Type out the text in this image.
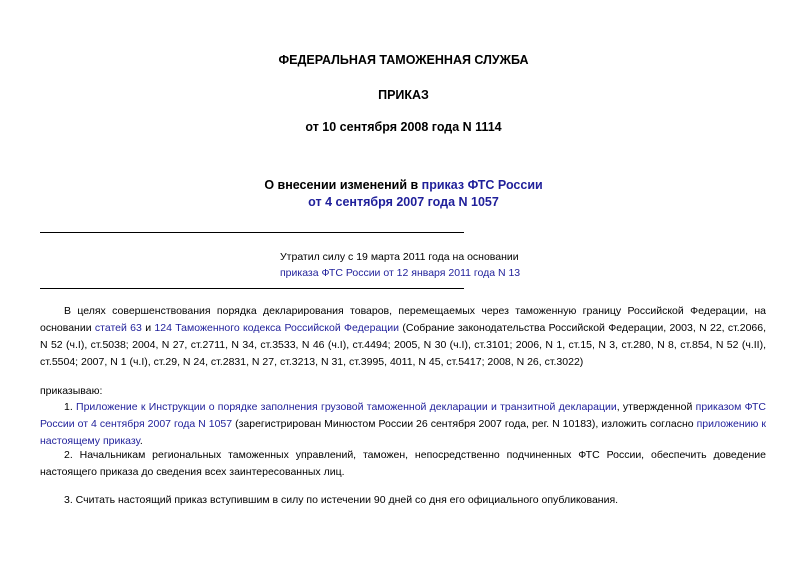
ФЕДЕРАЛЬНАЯ ТАМОЖЕННАЯ СЛУЖБА
ПРИКАЗ
от 10 сентября 2008 года N 1114
О внесении изменений в приказ ФТС России
от 4 сентября 2007 года N 1057
Утратил силу с 19 марта 2011 года на основании
приказа ФТС России от 12 января 2011 года N 13
В целях совершенствования порядка декларирования товаров, перемещаемых через таможенную границу Российской Федерации, на основании статей 63 и 124 Таможенного кодекса Российской Федерации (Собрание законодательства Российской Федерации, 2003, N 22, ст.2066, N 52 (ч.I), ст.5038; 2004, N 27, ст.2711, N 34, ст.3533, N 46 (ч.I), ст.4494; 2005, N 30 (ч.I), ст.3101; 2006, N 1, ст.15, N 3, ст.280, N 8, ст.854, N 52 (ч.II), ст.5504; 2007, N 1 (ч.I), ст.29, N 24, ст.2831, N 27, ст.3213, N 31, ст.3995, 4011, N 45, ст.5417; 2008, N 26, ст.3022)
приказываю:
1. Приложение к Инструкции о порядке заполнения грузовой таможенной декларации и транзитной декларации, утвержденной приказом ФТС России от 4 сентября 2007 года N 1057 (зарегистрирован Минюстом России 26 сентября 2007 года, рег. N 10183), изложить согласно приложению к настоящему приказу.
2. Начальникам региональных таможенных управлений, таможен, непосредственно подчиненных ФТС России, обеспечить доведение настоящего приказа до сведения всех заинтересованных лиц.
3. Считать настоящий приказ вступившим в силу по истечении 90 дней со дня его официального опубликования.
